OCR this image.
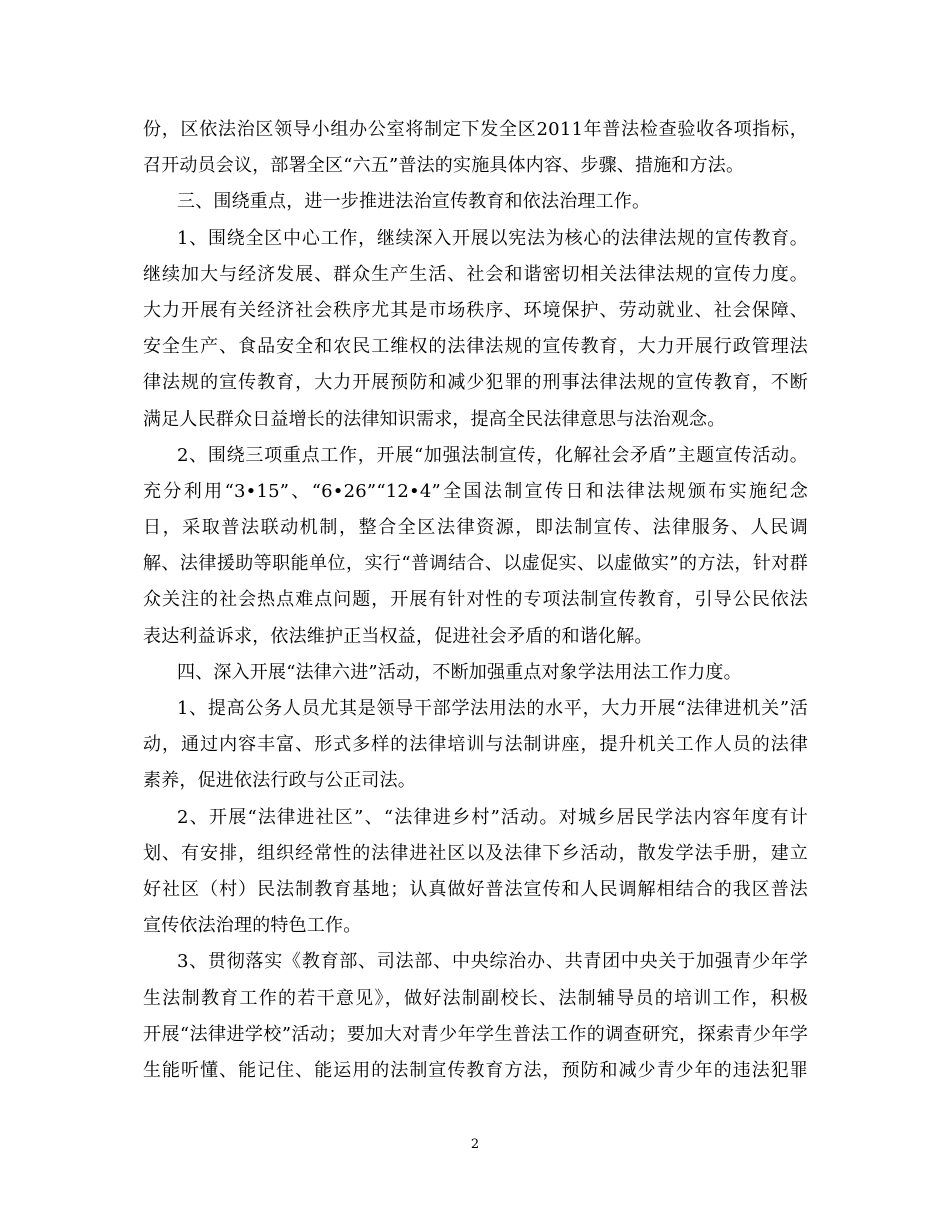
份，区依法治区领导小组办公室将制定下发全区2011年普法检查验收各项指标，
召开动员会议，部署全区“六五”普法的实施具体内容、步骤、措施和方法。
三、围绕重点，进一步推进法治宣传教育和依法治理工作。
1、围绕全区中心工作，继续深入开展以宪法为核心的法律法规的宣传教育。
继续加大与经济发展、群众生产生活、社会和谐密切相关法律法规的宣传力度。
大力开展有关经济社会秩序尤其是市场秩序、环境保护、劳动就业、社会保障、
安全生产、食品安全和农民工维权的法律法规的宣传教育，大力开展行政管理法
律法规的宣传教育，大力开展预防和减少犯罪的刑事法律法规的宣传教育，不断
满足人民群众日益增长的法律知识需求，提高全民法律意思与法治观念。
2、围绕三项重点工作，开展“加强法制宣传，化解社会矛盾”主题宣传活动。
充分利用“3•15”、“6•26”“12•4”全国法制宣传日和法律法规颁布实施纪念
日，采取普法联动机制，整合全区法律资源，即法制宣传、法律服务、人民调
解、法律援助等职能单位，实行“普调结合、以虚促实、以虚做实”的方法，针对群
众关注的社会热点难点问题，开展有针对性的专项法制宣传教育，引导公民依法
表达利益诉求，依法维护正当权益，促进社会矛盾的和谐化解。
四、深入开展“法律六进”活动，不断加强重点对象学法用法工作力度。
1、提高公务人员尤其是领导干部学法用法的水平，大力开展“法律进机关”活
动，通过内容丰富、形式多样的法律培训与法制讲座，提升机关工作人员的法律
素养，促进依法行政与公正司法。
2、开展“法律进社区”、“法律进乡村”活动。对城乡居民学法内容年度有计
划、有安排，组织经常性的法律进社区以及法律下乡活动，散发学法手册，建立
好社区（村）民法制教育基地；认真做好普法宣传和人民调解相结合的我区普法
宣传依法治理的特色工作。
3、贯彻落实《教育部、司法部、中央综治办、共青团中央关于加强青少年学
生法制教育工作的若干意见》，做好法制副校长、法制辅导员的培训工作，积极
开展“法律进学校”活动；要加大对青少年学生普法工作的调查研究，探索青少年学
生能听懂、能记住、能运用的法制宣传教育方法，预防和减少青少年的违法犯罪
2
